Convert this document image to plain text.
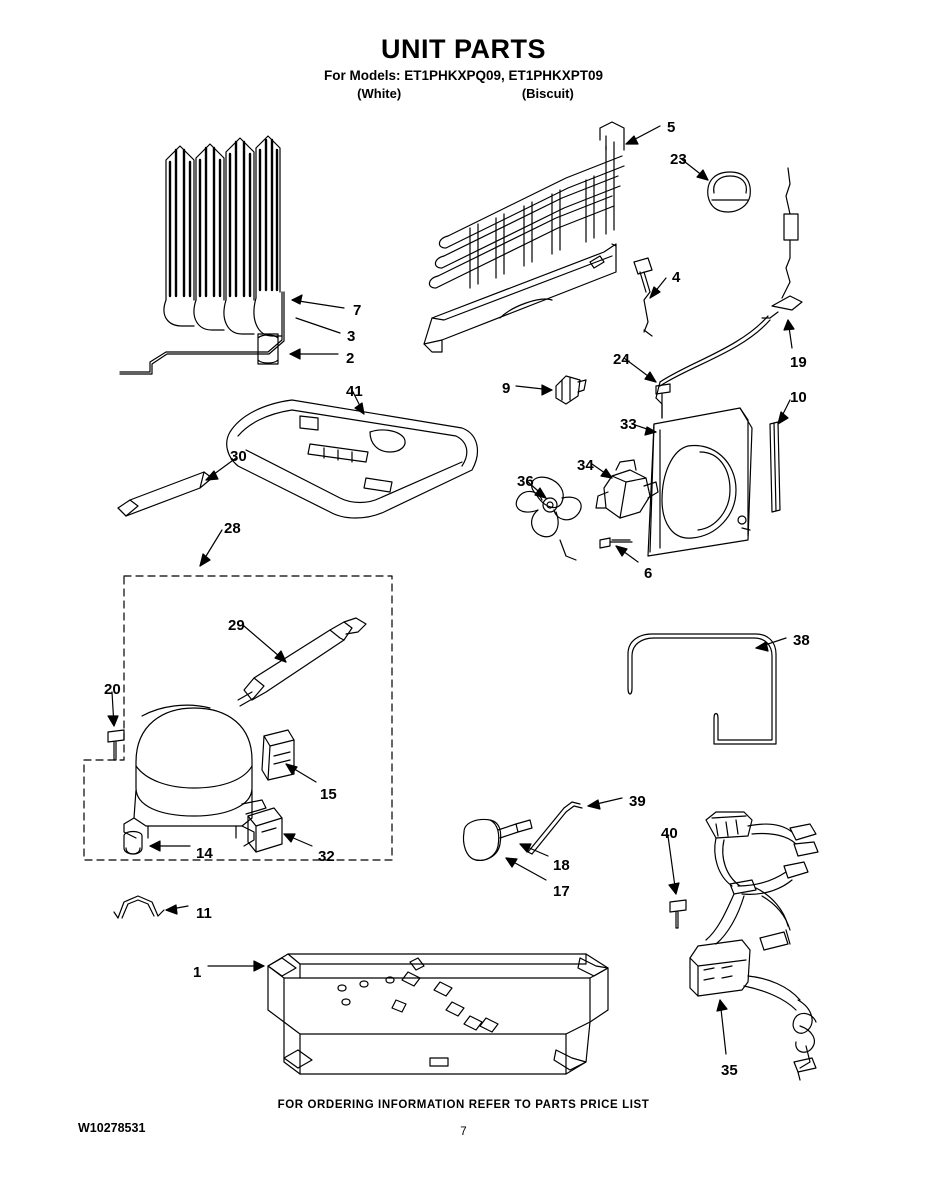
UNIT PARTS
For Models: ET1PHKXPQ09, ET1PHKXPT09
(White)	(Biscuit)
1
2
3
4
5
6
7
9
10
11
14
15
17
18
19
20
23
24
28
29
30
32
33
34
35
36
38
39
40
41
FOR ORDERING INFORMATION REFER TO PARTS PRICE LIST
W10278531	7
